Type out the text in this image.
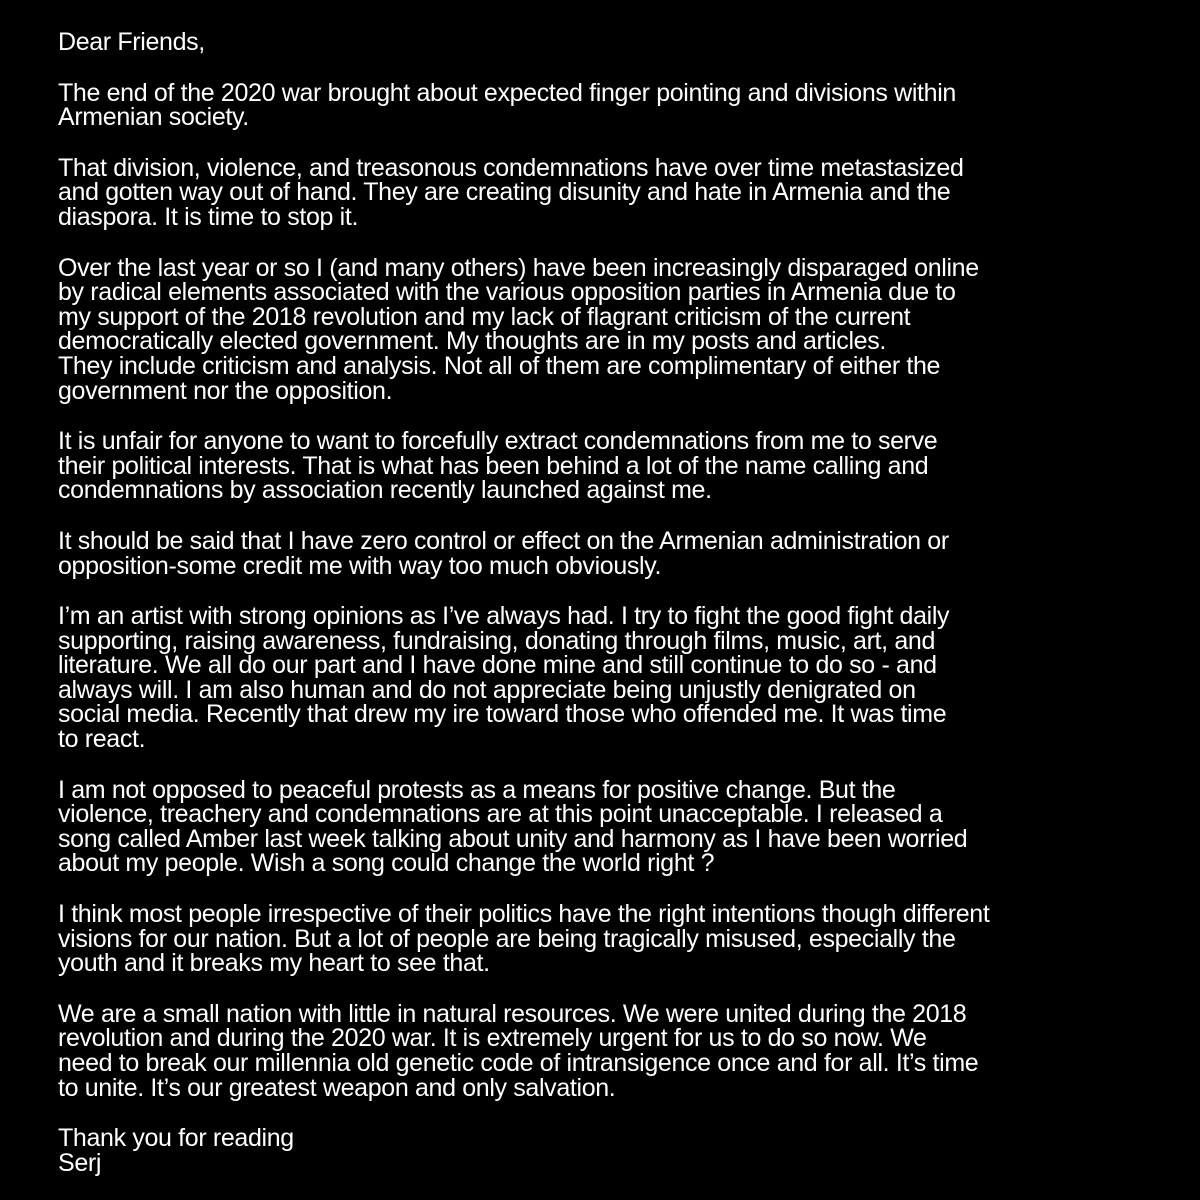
Dear Friends,

The end of the 2020 war brought about expected finger pointing and divisions within
Armenian society.

That division, violence, and treasonous condemnations have over time metastasized
and gotten way out of hand. They are creating disunity and hate in Armenia and the
diaspora. It is time to stop it.

Over the last year or so I (and many others) have been increasingly disparaged online
by radical elements associated with the various opposition parties in Armenia due to
my support of the 2018 revolution and my lack of flagrant criticism of the current
democratically elected government. My thoughts are in my posts and articles.
They include criticism and analysis. Not all of them are complimentary of either the
government nor the opposition.

It is unfair for anyone to want to forcefully extract condemnations from me to serve
their political interests. That is what has been behind a lot of the name calling and
condemnations by association recently launched against me.

It should be said that I have zero control or effect on the Armenian administration or
opposition-some credit me with way too much obviously.

I’m an artist with strong opinions as I’ve always had. I try to fight the good fight daily
supporting, raising awareness, fundraising, donating through films, music, art, and
literature. We all do our part and I have done mine and still continue to do so - and
always will. I am also human and do not appreciate being unjustly denigrated on
social media. Recently that drew my ire toward those who offended me. It was time
to react.

I am not opposed to peaceful protests as a means for positive change. But the
violence, treachery and condemnations are at this point unacceptable. I released a
song called Amber last week talking about unity and harmony as I have been worried
about my people. Wish a song could change the world right ?

I think most people irrespective of their politics have the right intentions though different
visions for our nation. But a lot of people are being tragically misused, especially the
youth and it breaks my heart to see that.

We are a small nation with little in natural resources. We were united during the 2018
revolution and during the 2020 war. It is extremely urgent for us to do so now. We
need to break our millennia old genetic code of intransigence once and for all. It’s time
to unite. It’s our greatest weapon and only salvation.

Thank you for reading
Serj
